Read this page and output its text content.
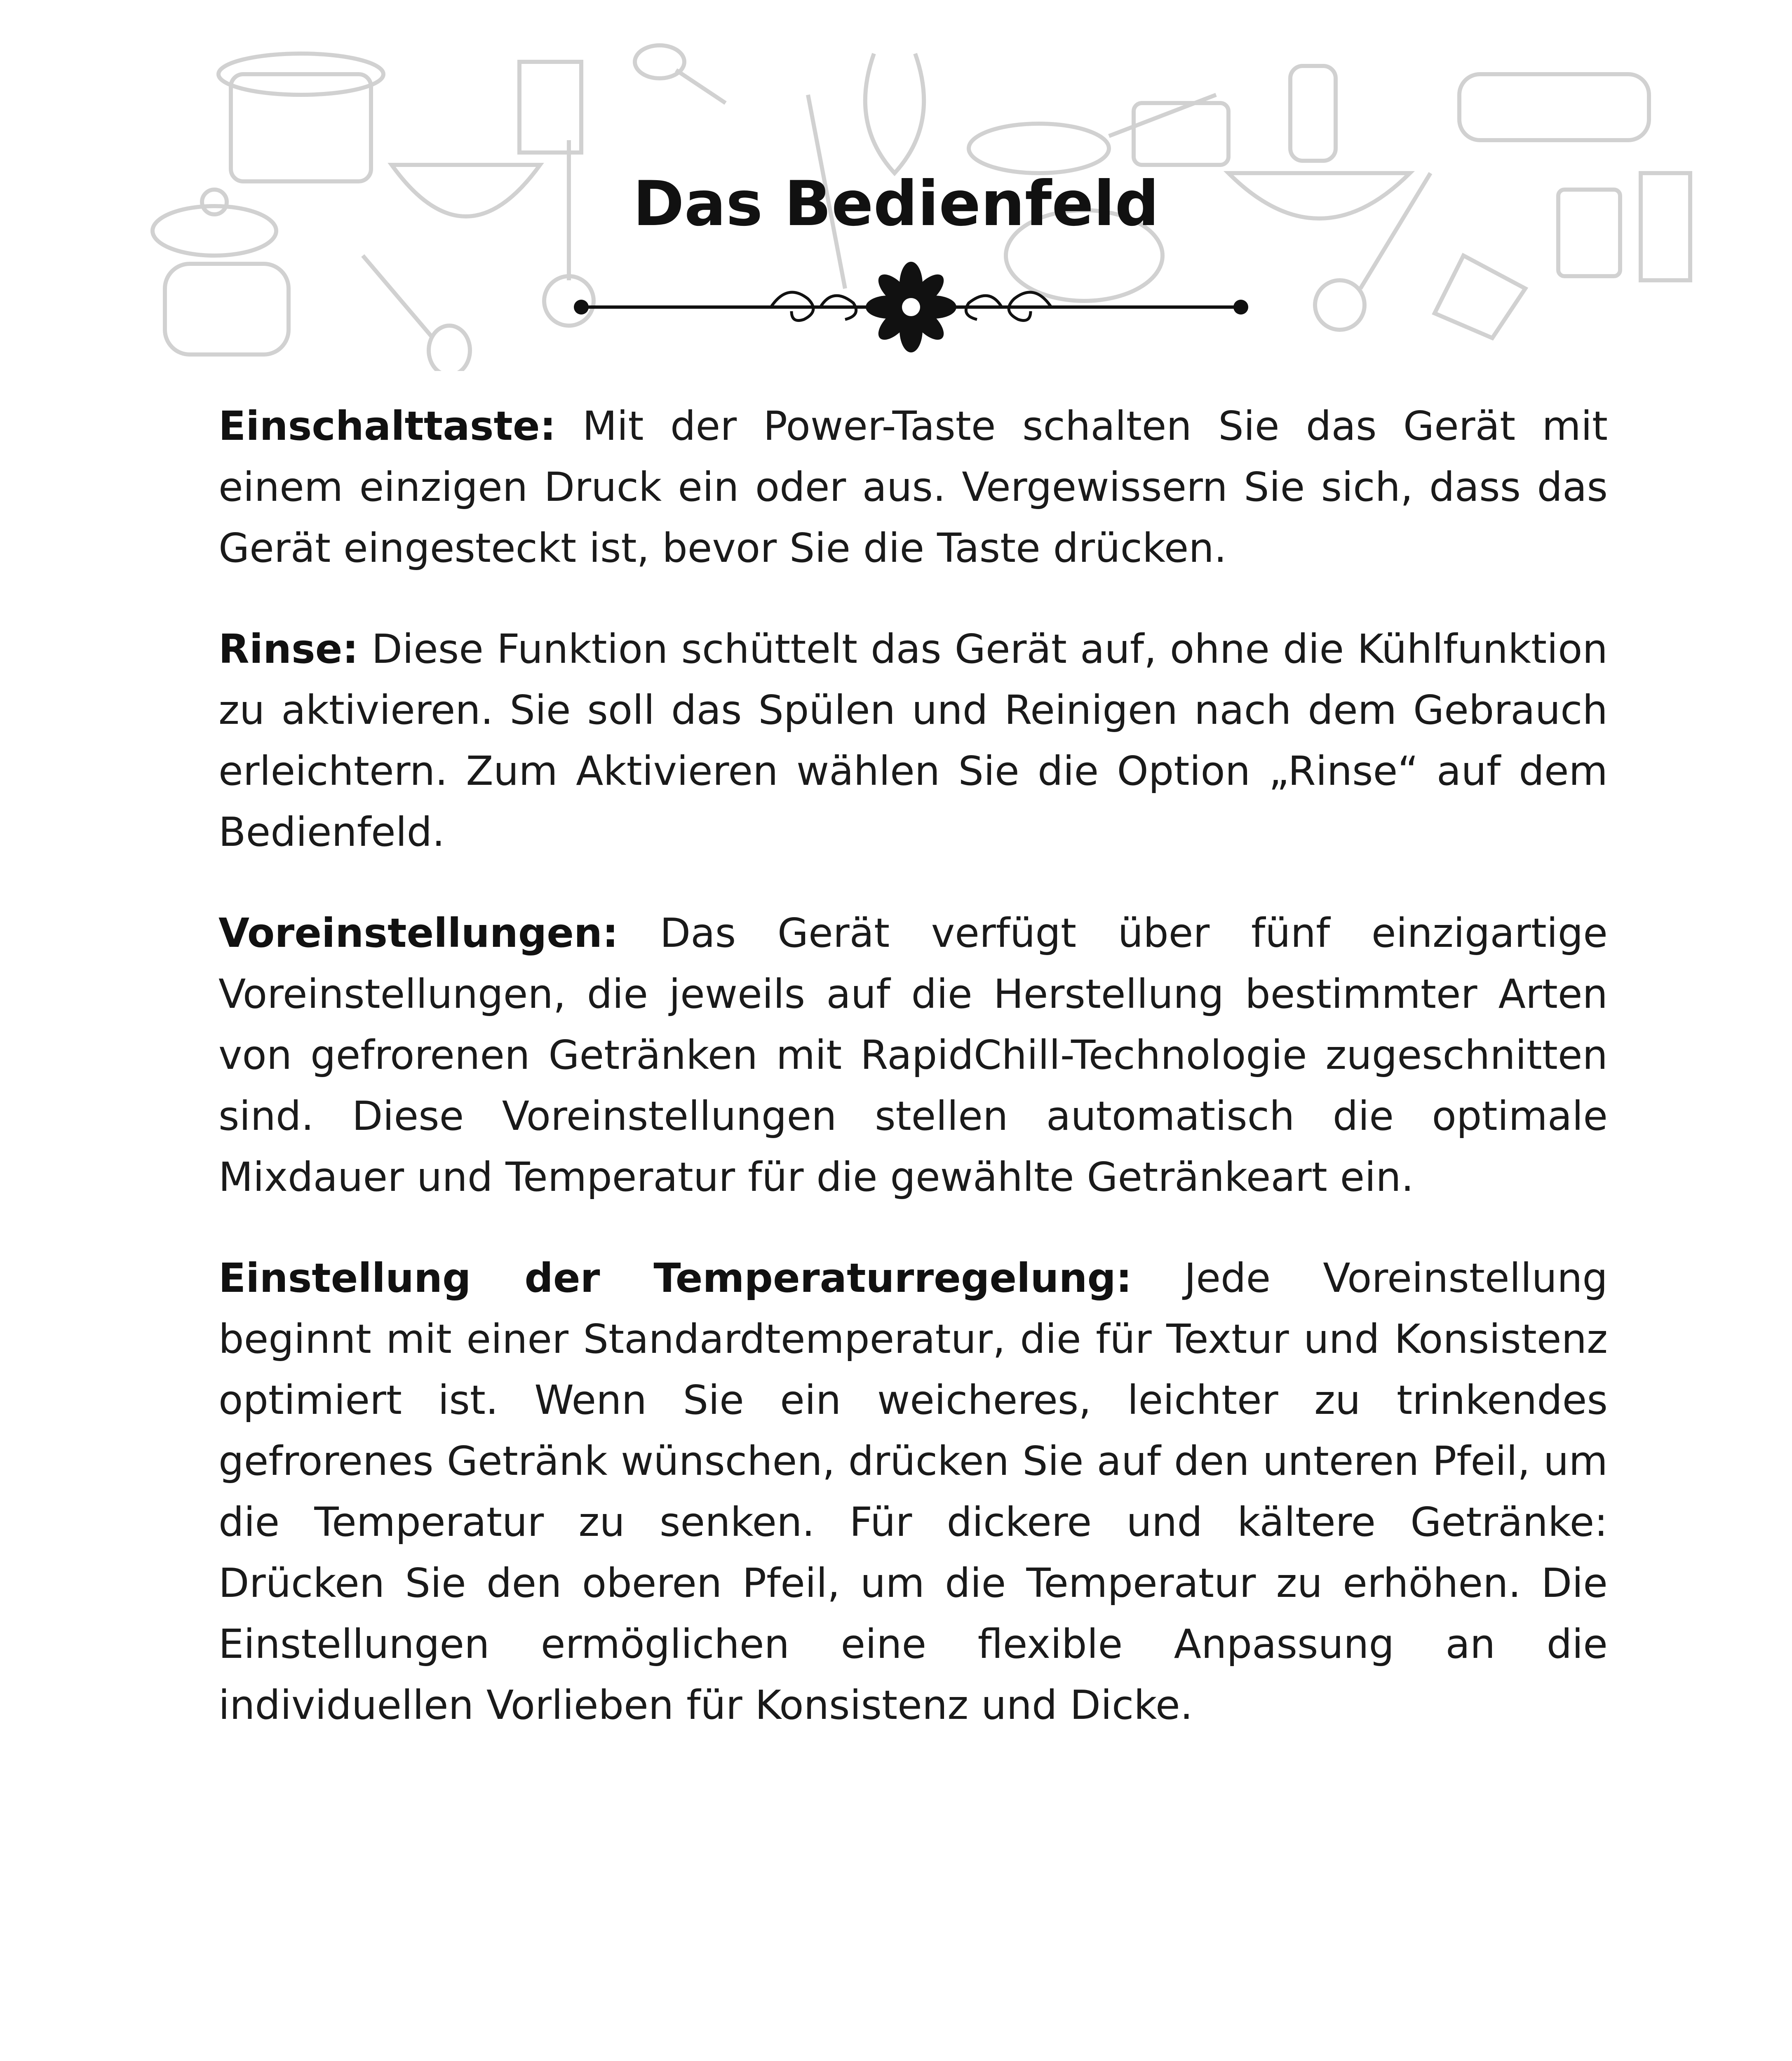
Das Bedienfeld

Einschalttaste: Mit der Power-Taste schalten Sie das Gerät mit einem einzigen Druck ein oder aus. Vergewissern Sie sich, dass das Gerät eingesteckt ist, bevor Sie die Taste drücken.

Rinse: Diese Funktion schüttelt das Gerät auf, ohne die Kühlfunktion zu aktivieren. Sie soll das Spülen und Reinigen nach dem Gebrauch erleichtern. Zum Aktivieren wählen Sie die Option „Rinse“ auf dem Bedienfeld.

Voreinstellungen: Das Gerät verfügt über fünf einzigartige Voreinstellungen, die jeweils auf die Herstellung bestimmter Arten von gefrorenen Getränken mit RapidChill-Technologie zugeschnitten sind. Diese Voreinstellungen stellen automatisch die optimale Mixdauer und Temperatur für die gewählte Getränkeart ein.

Einstellung der Temperaturregelung: Jede Voreinstellung beginnt mit einer Standardtemperatur, die für Textur und Konsistenz optimiert ist. Wenn Sie ein weicheres, leichter zu trinkendes gefrorenes Getränk wünschen, drücken Sie auf den unteren Pfeil, um die Temperatur zu senken. Für dickere und kältere Getränke: Drücken Sie den oberen Pfeil, um die Temperatur zu erhöhen. Die Einstellungen ermöglichen eine flexible Anpassung an die individuellen Vorlieben für Konsistenz und Dicke.
